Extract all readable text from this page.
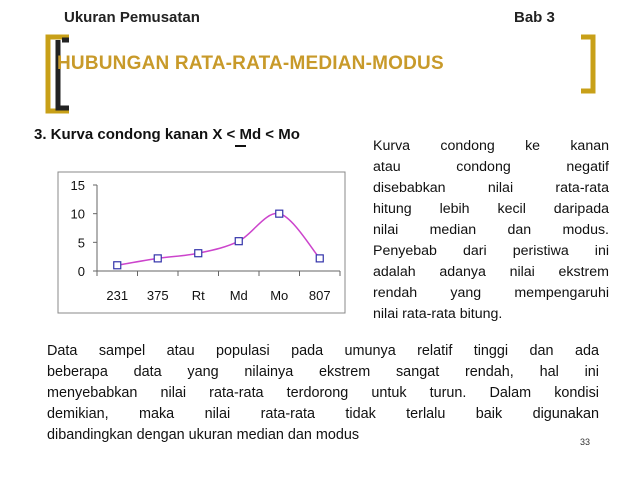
Ukuran Pemusatan	Bab 3
HUBUNGAN RATA-RATA-MEDIAN-MODUS
3. Kurva condong kanan X < Md < Mo
Kurva condong ke kanan
atau condong negatif
disebabkan nilai rata-rata
hitung lebih kecil daripada
nilai median dan modus.
Penyebab dari peristiwa ini
adalah adanya nilai ekstrem
rendah yang mempengaruhi
nilai rata-rata bitung.
0
5
10
15
231 375 Rt Md Mo 807
Data sampel atau populasi pada umunya relatif tinggi dan ada
beberapa data yang nilainya ekstrem sangat rendah, hal ini
menyebabkan nilai rata-rata terdorong untuk turun. Dalam kondisi
demikian, maka nilai rata-rata tidak terlalu baik digunakan
dibandingkan dengan ukuran median dan modus	33
